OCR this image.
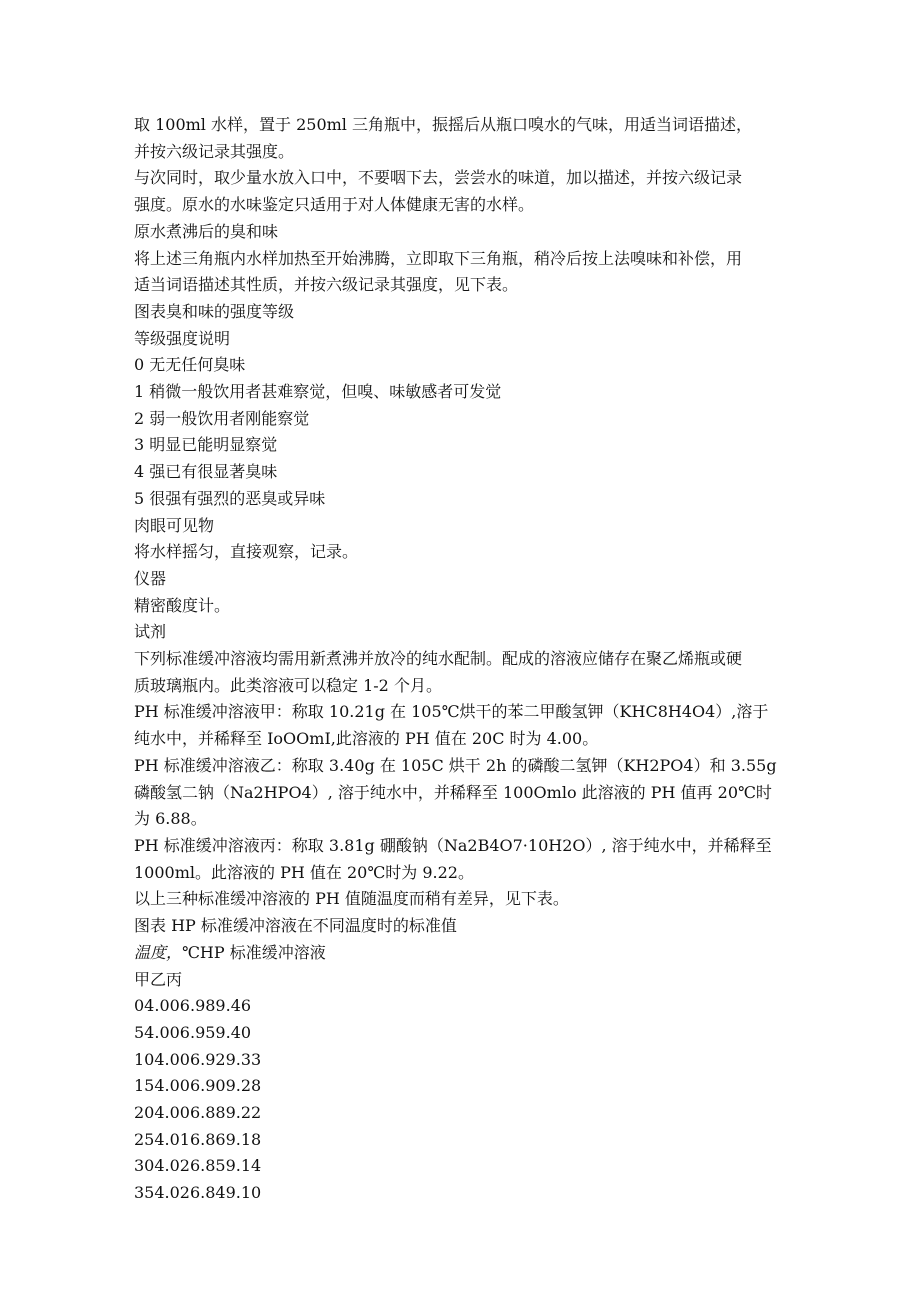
取 100ml 水样，置于 250ml 三角瓶中，振摇后从瓶口嗅水的气味，用适当词语描述，

并按六级记录其强度。

与次同时，取少量水放入口中，不要咽下去，尝尝水的味道，加以描述，并按六级记录

强度。原水的水味鉴定只适用于对人体健康无害的水样。

原水煮沸后的臭和味

将上述三角瓶内水样加热至开始沸腾，立即取下三角瓶，稍冷后按上法嗅味和补偿，用

适当词语描述其性质，并按六级记录其强度，见下表。

图表臭和味的强度等级

等级强度说明

0 无无任何臭味

1 稍微一般饮用者甚难察觉，但嗅、味敏感者可发觉

2 弱一般饮用者刚能察觉

3 明显已能明显察觉

4 强已有很显著臭味

5 很强有强烈的恶臭或异味

肉眼可见物

将水样摇匀，直接观察，记录。

仪器

精密酸度计。

试剂

下列标准缓冲溶液均需用新煮沸并放冷的纯水配制。配成的溶液应储存在聚乙烯瓶或硬

质玻璃瓶内。此类溶液可以稳定 1-2 个月。

PH 标准缓冲溶液甲：称取 10.21g 在 105℃烘干的苯二甲酸氢钾（KHC8H4O4）,溶于

纯水中，并稀释至 IoOOmI,此溶液的 PH 值在 20C 时为 4.00。

PH 标准缓冲溶液乙：称取 3.40g 在 105C 烘干 2h 的磷酸二氢钾（KH2PO4）和 3.55g

磷酸氢二钠（Na2HPO4）, 溶于纯水中，并稀释至 100Omlo 此溶液的 PH 值再 20℃时

为 6.88。

PH 标准缓冲溶液丙：称取 3.81g 硼酸钠（Na2B4O7·10H2O）, 溶于纯水中，并稀释至

1000ml。此溶液的 PH 值在 20℃时为 9.22。

以上三种标准缓冲溶液的 PH 值随温度而稍有差异，见下表。

图表 HP 标准缓冲溶液在不同温度时的标准值

温度，℃HP 标准缓冲溶液

甲乙丙

04.006.989.46

54.006.959.40

104.006.929.33

154.006.909.28

204.006.889.22

254.016.869.18

304.026.859.14

354.026.849.10
